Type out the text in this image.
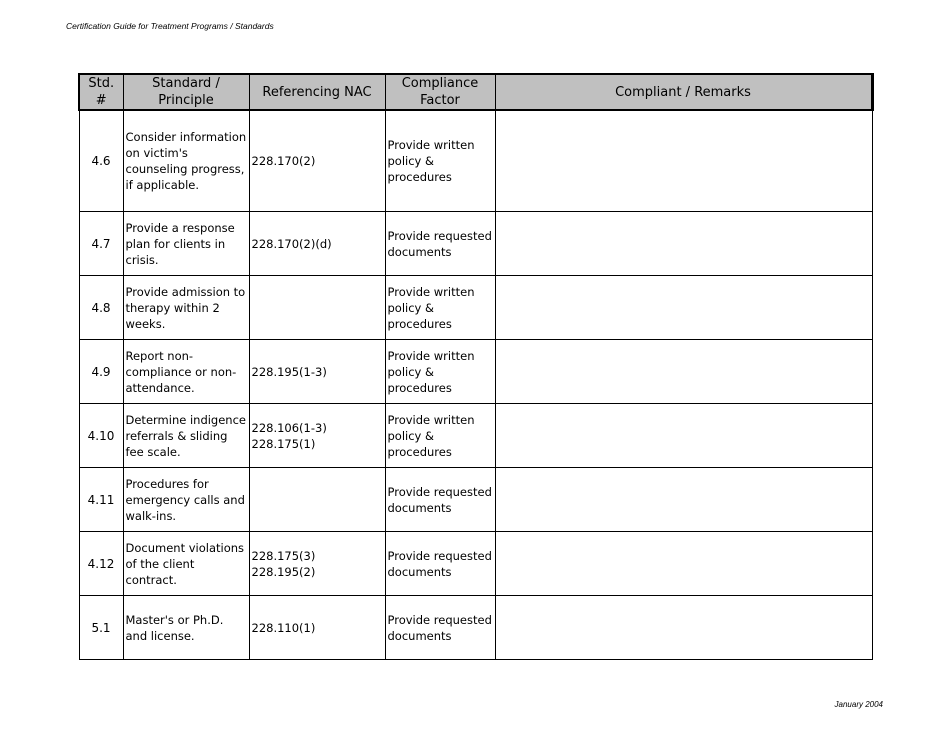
Certification Guide for Treatment Programs / Standards
Std. #	Standard / Principle	Referencing NAC	Compliance Factor	Compliant / Remarks
4.6	Consider information on victim's counseling progress, if applicable.	228.170(2)	Provide written policy & procedures	
4.7	Provide a response plan for clients in crisis.	228.170(2)(d)	Provide requested documents	
4.8	Provide admission to therapy within 2 weeks.		Provide written policy & procedures	
4.9	Report non-compliance or non-attendance.	228.195(1-3)	Provide written policy & procedures	
4.10	Determine indigence referrals & sliding fee scale.	228.106(1-3) 228.175(1)	Provide written policy & procedures	
4.11	Procedures for emergency calls and walk-ins.		Provide requested documents	
4.12	Document violations of the client contract.	228.175(3) 228.195(2)	Provide requested documents	
5.1	Master's or Ph.D. and license.	228.110(1)	Provide requested documents	
January 2004
